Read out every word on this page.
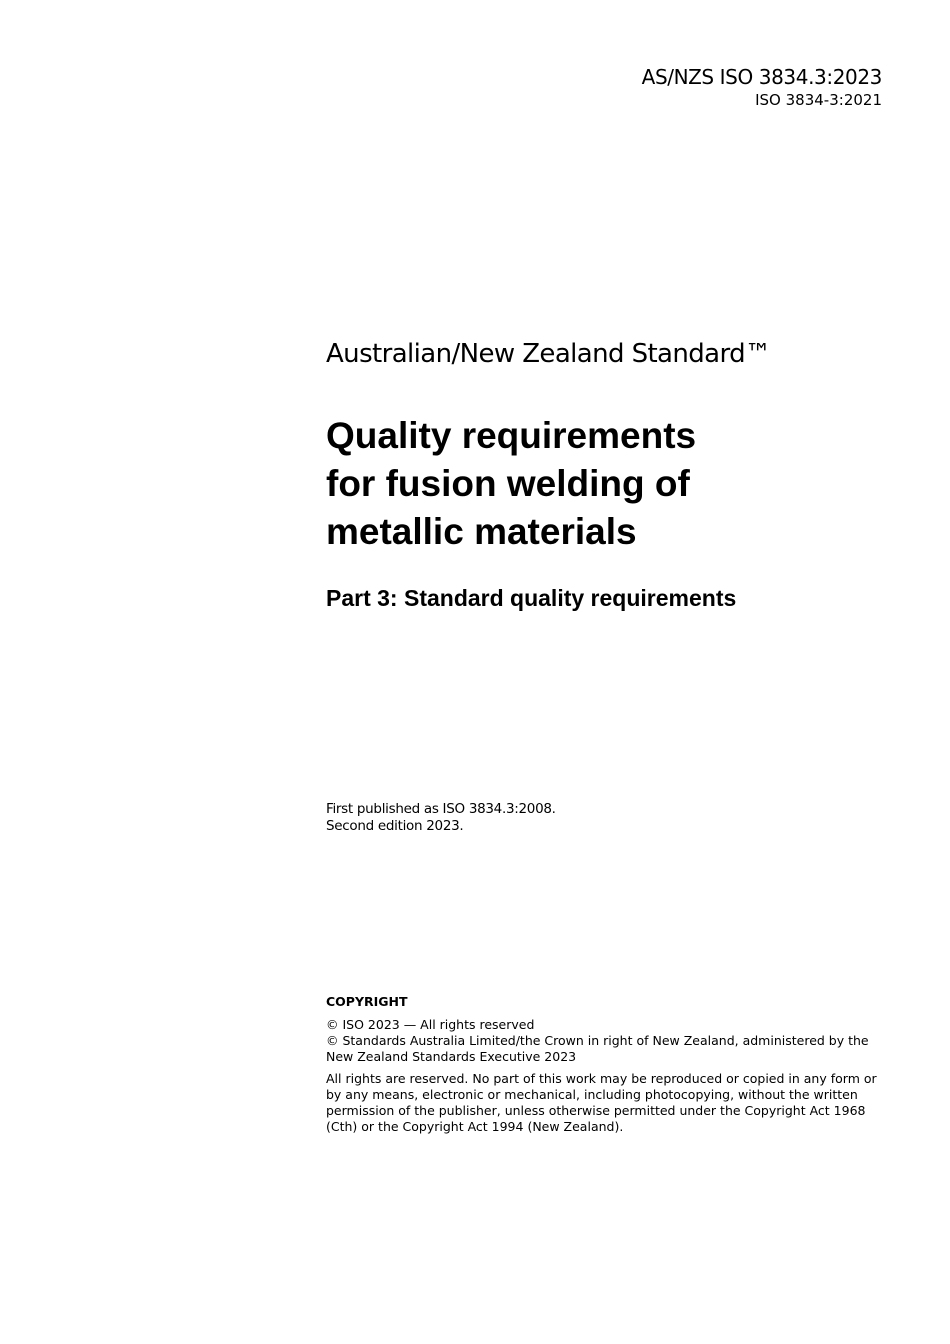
AS/NZS ISO 3834.3:2023
ISO 3834-3:2021
Australian/New Zealand Standard™
Quality requirements
for fusion welding of
metallic materials
Part 3: Standard quality requirements
First published as ISO 3834.3:2008.
Second edition 2023.
COPYRIGHT
© ISO 2023 — All rights reserved
© Standards Australia Limited/the Crown in right of New Zealand, administered by the New Zealand Standards Executive 2023
All rights are reserved. No part of this work may be reproduced or copied in any form or by any means, electronic or mechanical, including photocopying, without the written permission of the publisher, unless otherwise permitted under the Copyright Act 1968 (Cth) or the Copyright Act 1994 (New Zealand).
